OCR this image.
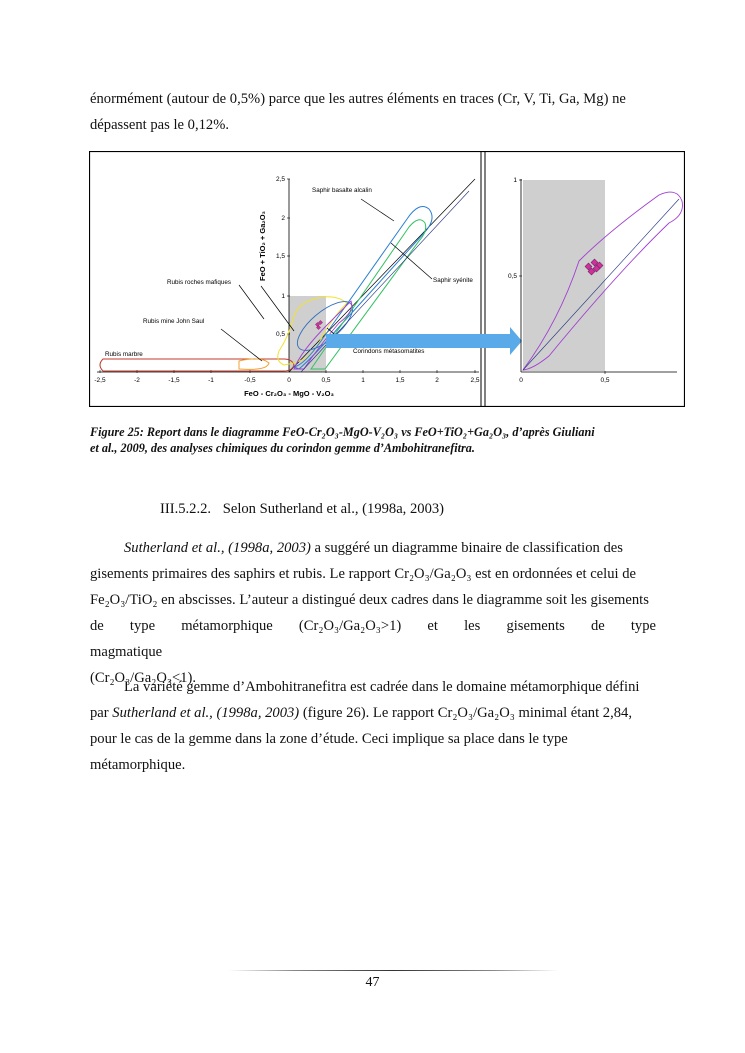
énormément (autour de 0,5%) parce que les autres éléments en traces (Cr, V, Ti, Ga, Mg) ne
dépassent pas le 0,12%.
-2,5	-2	-1,5	-1	-0,5	0	0,5	1	1,5	2	2,5
0,5
1
1,5
2
2,5
FeO - Cr₂O₃ - MgO - V₂O₃
FeO + TiO₂ + Ga₂O₃
Saphir basalte alcalin
Rubis roches mafiques	Saphir syénite
Rubis mine John Saul
Corindons métasomatites
Rubis marbre
1
0,5
0	0,5
Figure 25: Report dans le diagramme FeO-Cr₂O₃-MgO-V₂O₃ vs FeO+TiO₂+Ga₂O₃, d’après Giuliani
et al., 2009, des analyses chimiques du corindon gemme d’Ambohitranefitra.
III.5.2.2. Selon Sutherland et al., (1998a, 2003)
Sutherland et al., (1998a, 2003) a suggéré un diagramme binaire de classification des
gisements primaires des saphirs et rubis. Le rapport Cr₂O₃/Ga₂O₃ est en ordonnées et celui de
Fe₂O₃/TiO₂ en abscisses. L’auteur a distingué deux cadres dans le diagramme soit les gisements
de type métamorphique (Cr₂O₃/Ga₂O₃>1) et les gisements de type magmatique
(Cr₂O₃/Ga₂O₃<1).
La variété gemme d’Ambohitranefitra est cadrée dans le domaine métamorphique défini
par Sutherland et al., (1998a, 2003) (figure 26). Le rapport Cr₂O₃/Ga₂O₃ minimal étant 2,84,
pour le cas de la gemme dans la zone d’étude. Ceci implique sa place dans le type
métamorphique.
47
